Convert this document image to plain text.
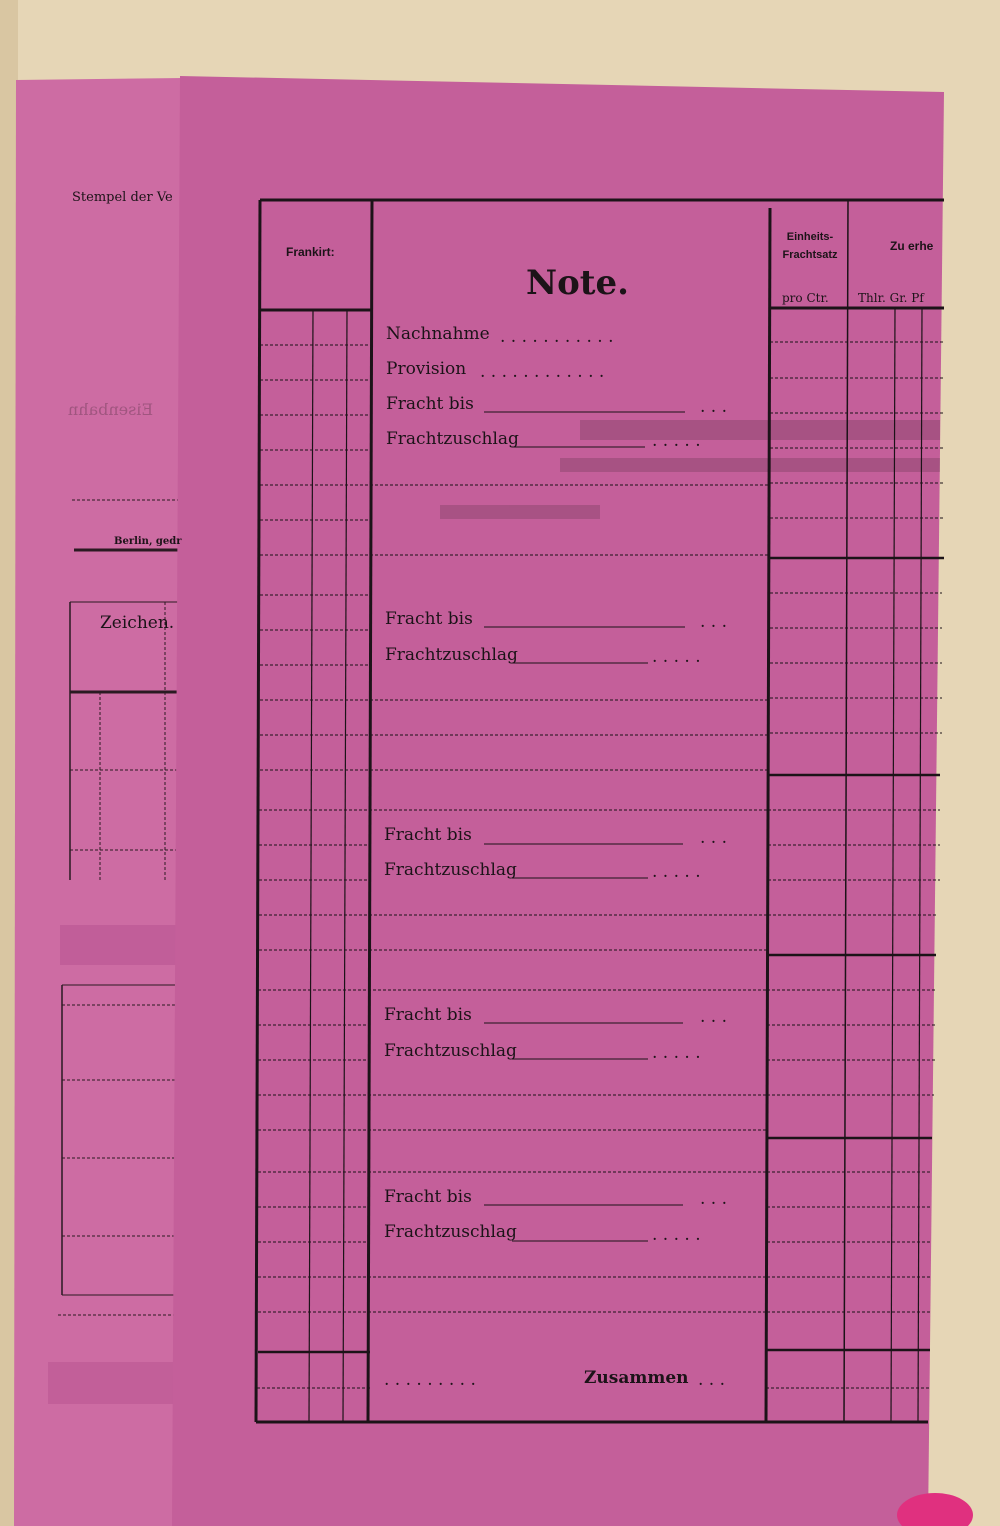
. . . . . . . . . . .
. . . . . . . . . . . .
. . .
. . . . .
. . .
. . . . .
. . .
. . . . .
. . .
. . . . .
. . .
. . . . .
. . . . . . . . .	. . .
Stempel der Ve
Eisenbahn
Berlin, gedr
Zeichen.
Frankirt:
Note.
Einheits-
Frachtsatz
pro Ctr.
Zu erhe
Thlr. Gr. Pf
Nachnahme
Provision
Fracht bis
Frachtzuschlag
Fracht bis
Frachtzuschlag
Fracht bis
Frachtzuschlag
Fracht bis
Frachtzuschlag
Fracht bis
Frachtzuschlag
Zusammen
